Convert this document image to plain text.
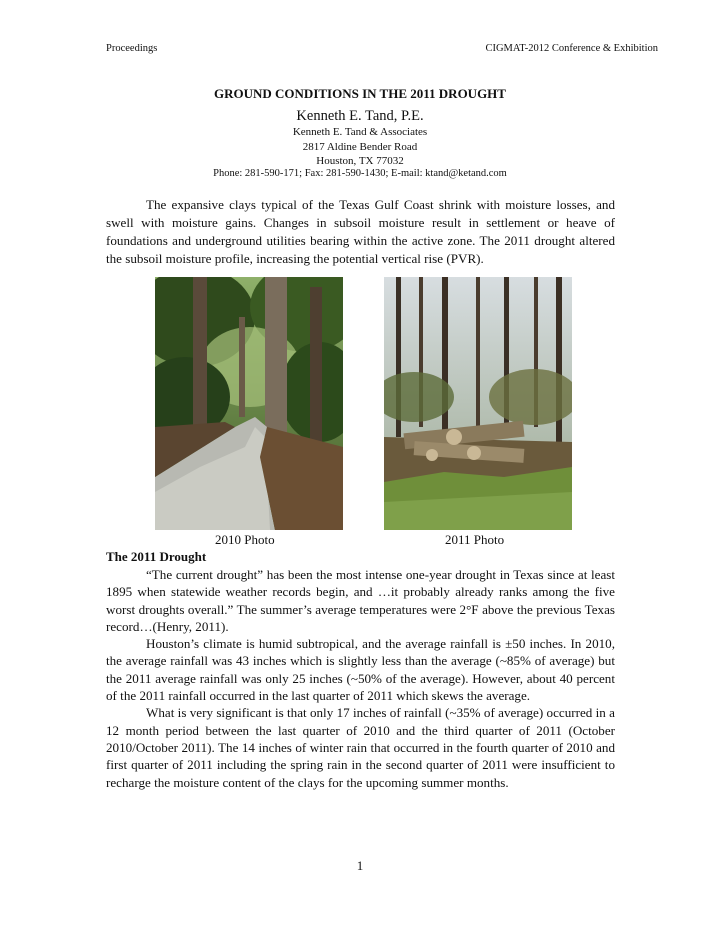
Proceedings	CIGMAT-2012 Conference & Exhibition
GROUND CONDITIONS IN THE 2011 DROUGHT
Kenneth E. Tand, P.E.
Kenneth E. Tand & Associates
2817 Aldine Bender Road
Houston, TX 77032
Phone: 281-590-171; Fax: 281-590-1430; E-mail: ktand@ketand.com

The expansive clays typical of the Texas Gulf Coast shrink with moisture losses, and swell with moisture gains. Changes in subsoil moisture result in settlement or heave of foundations and underground utilities bearing within the active zone. The 2011 drought altered the subsoil moisture profile, increasing the potential vertical rise (PVR).

2010 Photo	2011 Photo
The 2011 Drought

“The current drought” has been the most intense one-year drought in Texas since at least 1895 when statewide weather records begin, and …it probably already ranks among the five worst droughts overall.” The summer’s average temperatures were 2°F above the previous Texas record…(Henry, 2011).

Houston’s climate is humid subtropical, and the average rainfall is ±50 inches. In 2010, the average rainfall was 43 inches which is slightly less than the average (~85% of average) but the 2011 average rainfall was only 25 inches (~50% of the average). However, about 40 percent of the 2011 rainfall occurred in the last quarter of 2011 which skews the average.

What is very significant is that only 17 inches of rainfall (~35% of average) occurred in a 12 month period between the last quarter of 2010 and the third quarter of 2011 (October 2010/October 2011). The 14 inches of winter rain that occurred in the fourth quarter of 2010 and first quarter of 2011 including the spring rain in the second quarter of 2011 were insufficient to recharge the moisture content of the clays for the upcoming summer months.

1
